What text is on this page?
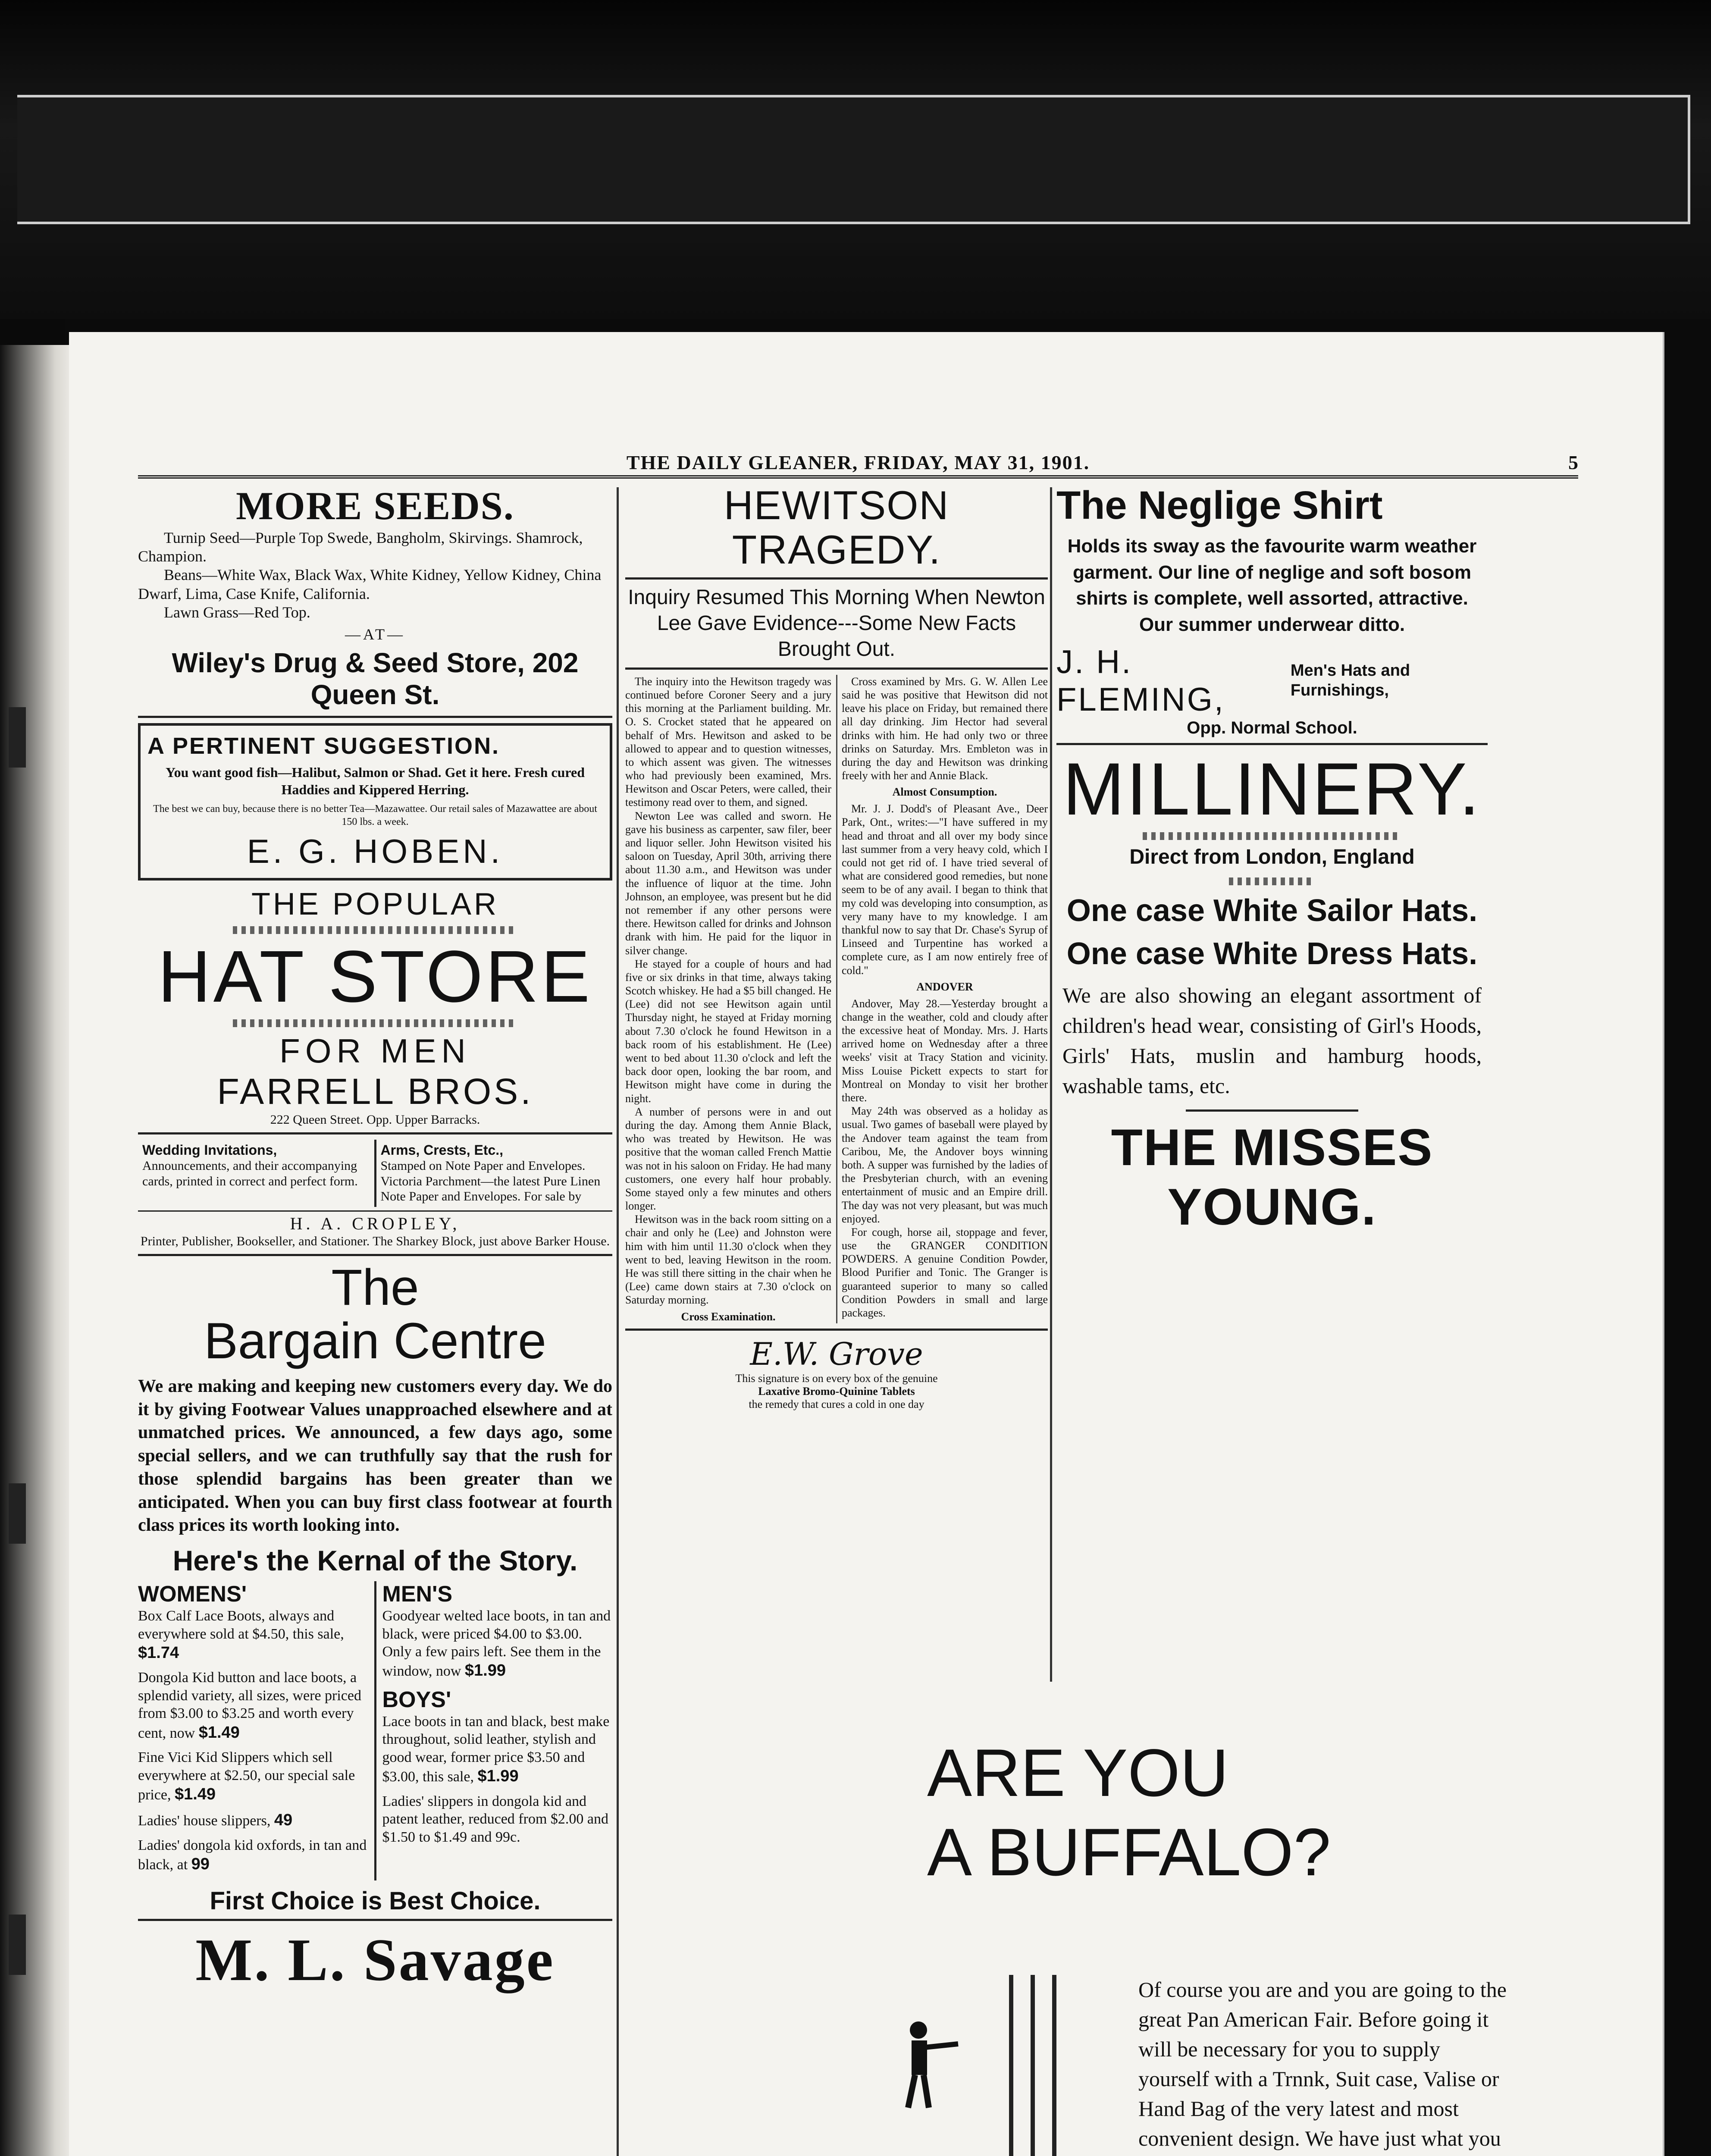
THE DAILY GLEANER, FRIDAY, MAY 31, 1901.	5
MORE SEEDS.

Turnip Seed—Purple Top Swede, Bangholm, Skirvings. Shamrock, Champion.

Beans—White Wax, Black Wax, White Kidney, Yellow Kidney, China Dwarf, Lima, Case Knife, California.

Lawn Grass—Red Top.

—AT—

Wiley's Drug & Seed Store, 202 Queen St.

A PERTINENT SUGGESTION.

You want good fish—Halibut, Salmon or Shad. Get it here. Fresh cured Haddies and Kippered Herring.

The best we can buy, because there is no better Tea—Mazawattee. Our retail sales of Mazawattee are about 150 lbs. a week.

E. G. HOBEN.

THE POPULAR

HAT STORE

FOR MEN

FARRELL BROS.

222 Queen Street. Opp. Upper Barracks.

Wedding Invitations,

Announcements, and their accompanying cards, printed in correct and perfect form.

Arms, Crests, Etc.,

Stamped on Note Paper and Envelopes. Victoria Parchment—the latest Pure Linen Note Paper and Envelopes. For sale by

H. A. CROPLEY,

Printer, Publisher, Bookseller, and Stationer. The Sharkey Block, just above Barker House.

The
Bargain Centre

We are making and keeping new customers every day. We do it by giving Footwear Values unapproached elsewhere and at unmatched prices. We announced, a few days ago, some special sellers, and we can truthfully say that the rush for those splendid bargains has been greater than we anticipated. When you can buy first class footwear at fourth class prices its worth looking into.

Here's the Kernal of the Story.

WOMENS'

Box Calf Lace Boots, always and everywhere sold at $4.50, this sale, $1.74
Dongola Kid button and lace boots, a splendid variety, all sizes, were priced from $3.00 to $3.25 and worth every cent, now $1.49
Fine Vici Kid Slippers which sell everywhere at $2.50, our special sale price, $1.49
Ladies' house slippers, 49
Ladies' dongola kid oxfords, in tan and black, at 99

MEN'S

Goodyear welted lace boots, in tan and black, were priced $4.00 to $3.00. Only a few pairs left. See them in the window, now $1.99

BOYS'

Lace boots in tan and black, best make throughout, solid leather, stylish and good wear, former price $3.50 and $3.00, this sale, $1.99
Ladies' slippers in dongola kid and patent leather, reduced from $2.00 and $1.50 to $1.49 and 99c.

First Choice is Best Choice.

M. L. Savage

HEWITSON TRAGEDY.

Inquiry Resumed This Morning When Newton Lee Gave Evidence---Some New Facts Brought Out.

The inquiry into the Hewitson tragedy was continued before Coroner Seery and a jury this morning at the Parliament building. Mr. O. S. Crocket stated that he appeared on behalf of Mrs. Hewitson and asked to be allowed to appear and to question witnesses, to which assent was given. The witnesses who had previously been examined, Mrs. Hewitson and Oscar Peters, were called, their testimony read over to them, and signed.

Newton Lee was called and sworn. He gave his business as carpenter, saw filer, beer and liquor seller. John Hewitson visited his saloon on Tuesday, April 30th, arriving there about 11.30 a.m., and Hewitson was under the influence of liquor at the time. John Johnson, an employee, was present but he did not remember if any other persons were there. Hewitson called for drinks and Johnson drank with him. He paid for the liquor in silver change.

He stayed for a couple of hours and had five or six drinks in that time, always taking Scotch whiskey. He had a $5 bill changed. He (Lee) did not see Hewitson again until Thursday night, he stayed at Friday morning about 7.30 o'clock he found Hewitson in a back room of his establishment. He (Lee) went to bed about 11.30 o'clock and left the back door open, looking the bar room, and Hewitson might have come in during the night.

A number of persons were in and out during the day. Among them Annie Black, who was treated by Hewitson. He was positive that the woman called French Mattie was not in his saloon on Friday. He had many customers, one every half hour probably. Some stayed only a few minutes and others longer.

Hewitson was in the back room sitting on a chair and only he (Lee) and Johnston were him with him until 11.30 o'clock when they went to bed, leaving Hewitson in the room. He was still there sitting in the chair when he (Lee) came down stairs at 7.30 o'clock on Saturday morning.

Cross Examination.

Cross examined by Mrs. G. W. Allen Lee said he was positive that Hewitson did not leave his place on Friday, but remained there all day drinking. Jim Hector had several drinks with him. He had only two or three drinks on Saturday. Mrs. Embleton was in during the day and Hewitson was drinking freely with her and Annie Black.

Almost Consumption.

Mr. J. J. Dodd's of Pleasant Ave., Deer Park, Ont., writes:—"I have suffered in my head and throat and all over my body since last summer from a very heavy cold, which I could not get rid of. I have tried several of what are considered good remedies, but none seem to be of any avail. I began to think that my cold was developing into consumption, as very many have to my knowledge. I am thankful now to say that Dr. Chase's Syrup of Linseed and Turpentine has worked a complete cure, as I am now entirely free of cold."

ANDOVER

Andover, May 28.—Yesterday brought a change in the weather, cold and cloudy after the excessive heat of Monday. Mrs. J. Harts arrived home on Wednesday after a three weeks' visit at Tracy Station and vicinity. Miss Louise Pickett expects to start for Montreal on Monday to visit her brother there.

May 24th was observed as a holiday as usual. Two games of baseball were played by the Andover team against the team from Caribou, Me, the Andover boys winning both. A supper was furnished by the ladies of the Presbyterian church, with an evening entertainment of music and an Empire drill. The day was not very pleasant, but was much enjoyed.

For cough, horse ail, stoppage and fever, use the GRANGER CONDITION POWDERS. A genuine Condition Powder, Blood Purifier and Tonic. The Granger is guaranteed superior to many so called Condition Powders in small and large packages.

E.W. Grove

This signature is on every box of the genuine

Laxative Bromo-Quinine Tablets

the remedy that cures a cold in one day

The Neglige Shirt

Holds its sway as the favourite warm weather garment. Our line of neglige and soft bosom shirts is complete, well assorted, attractive. Our summer underwear ditto.

J. H. FLEMING,
Men's Hats and Furnishings,

Opp. Normal School.

MILLINERY.

Direct from London, England

One case White Sailor Hats.

One case White Dress Hats.

We are also showing an elegant assortment of children's head wear, consisting of Girl's Hoods, Girls' Hats, muslin and hamburg hoods, washable tams, etc.

THE MISSES YOUNG.

ARE YOU
A BUFFALO?

Of course you are and you are going to the great Pan American Fair. Before going it will be necessary for you to supply yourself with a Trnnk, Suit case, Valise or Hand Bag of the very latest and most convenient design. We have just what you
